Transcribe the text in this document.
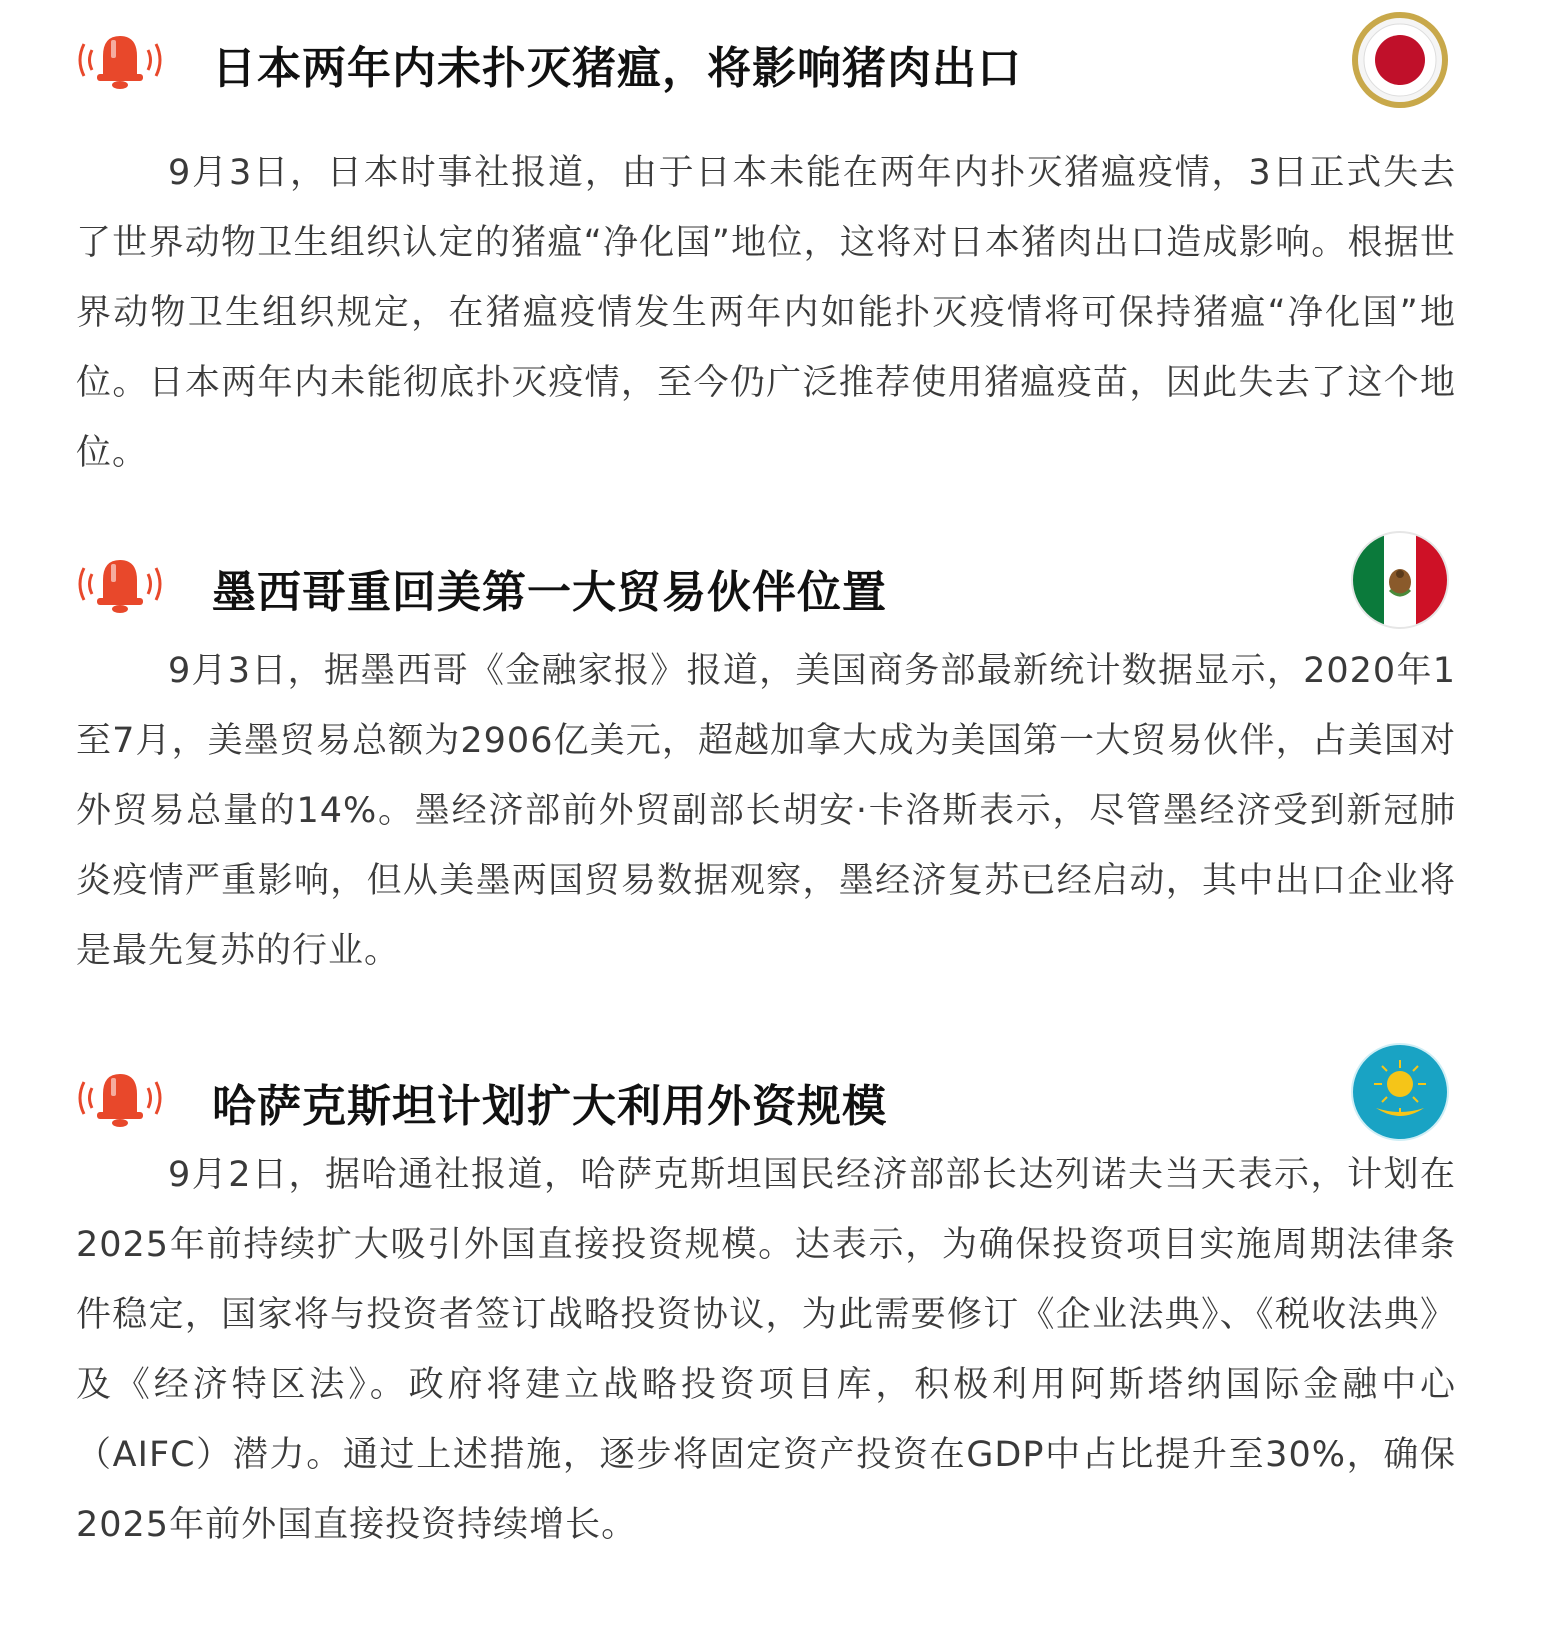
日本两年内未扑灭猪瘟，将影响猪肉出口

9月3日，日本时事社报道，由于日本未能在两年内扑灭猪瘟疫情，3日正式失去了世界动物卫生组织认定的猪瘟“净化国”地位，这将对日本猪肉出口造成影响。根据世界动物卫生组织规定，在猪瘟疫情发生两年内如能扑灭疫情将可保持猪瘟“净化国”地位。日本两年内未能彻底扑灭疫情，至今仍广泛推荐使用猪瘟疫苗，因此失去了这个地位。

墨西哥重回美第一大贸易伙伴位置

9月3日，据墨西哥《金融家报》报道，美国商务部最新统计数据显示，2020年1至7月，美墨贸易总额为2906亿美元，超越加拿大成为美国第一大贸易伙伴，占美国对外贸易总量的14%。墨经济部前外贸副部长胡安·卡洛斯表示，尽管墨经济受到新冠肺炎疫情严重影响，但从美墨两国贸易数据观察，墨经济复苏已经启动，其中出口企业将是最先复苏的行业。

哈萨克斯坦计划扩大利用外资规模

9月2日，据哈通社报道，哈萨克斯坦国民经济部部长达列诺夫当天表示，计划在2025年前持续扩大吸引外国直接投资规模。达表示，为确保投资项目实施周期法律条件稳定，国家将与投资者签订战略投资协议，为此需要修订《企业法典》、《税收法典》及《经济特区法》。政府将建立战略投资项目库，积极利用阿斯塔纳国际金融中心（AIFC）潜力。通过上述措施，逐步将固定资产投资在GDP中占比提升至30%，确保2025年前外国直接投资持续增长。
